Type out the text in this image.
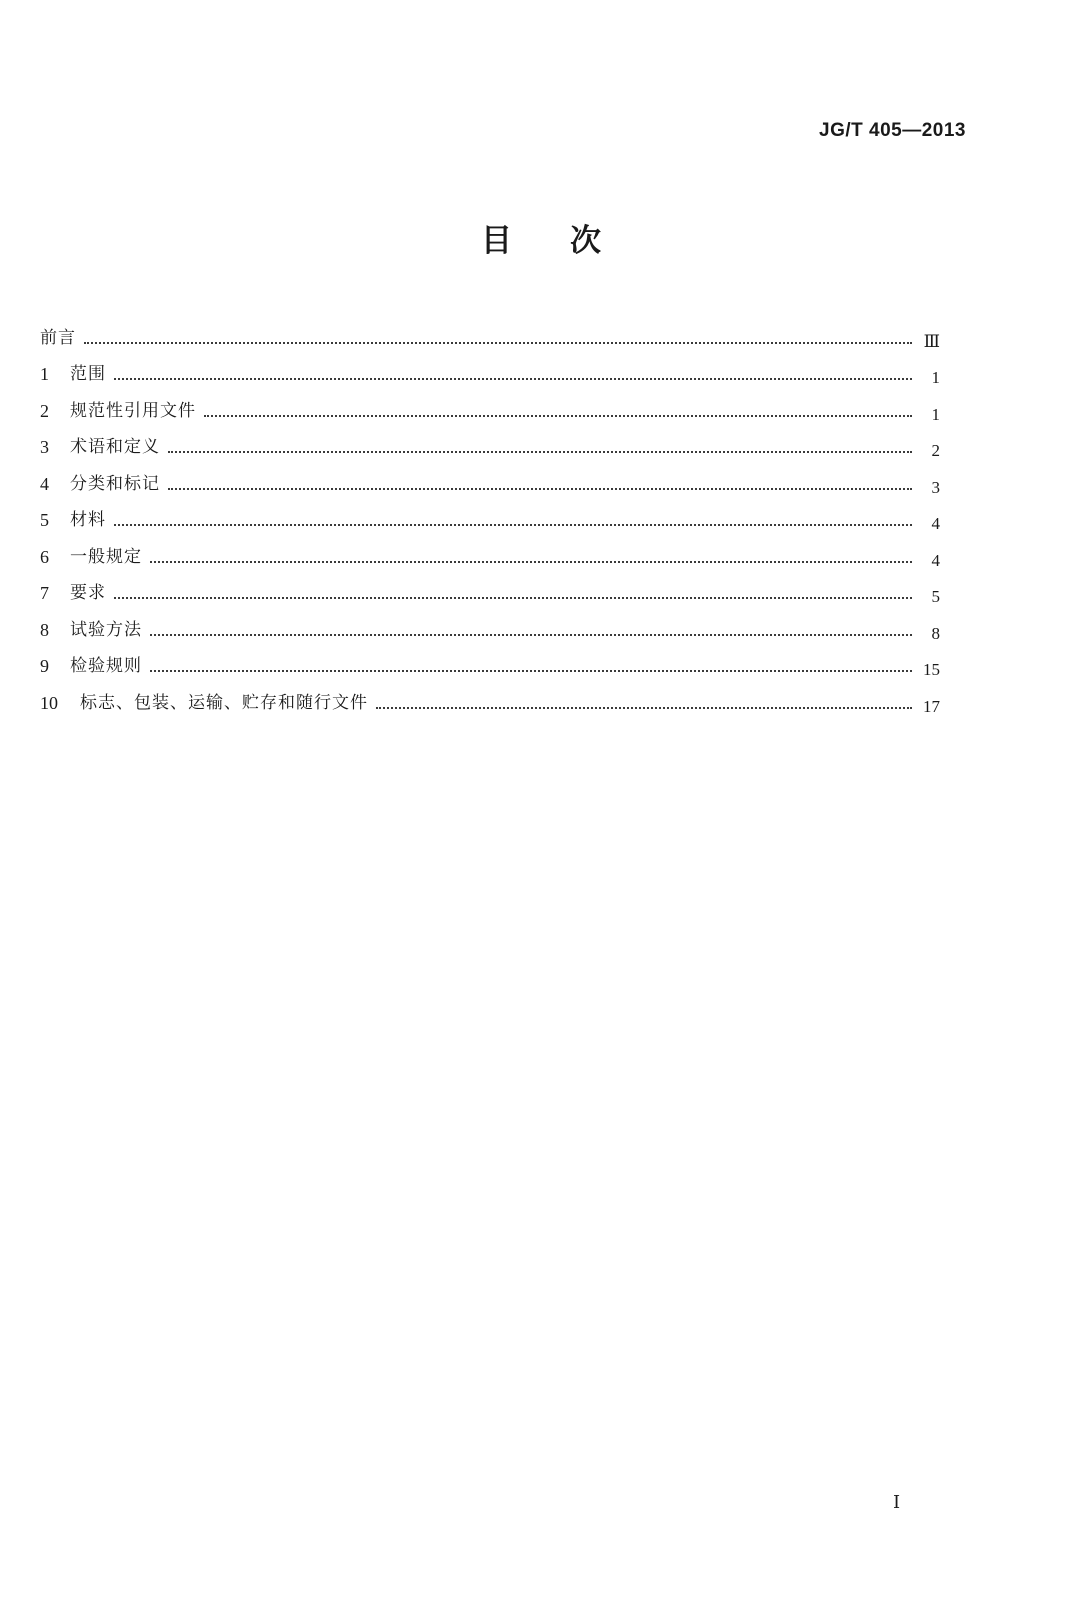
JG/T 405—2013
目次
前言	Ⅲ
1	范围	1
2	规范性引用文件	1
3	术语和定义	2
4	分类和标记	3
5	材料	4
6	一般规定	4
7	要求	5
8	试验方法	8
9	检验规则	15
10	标志、包装、运输、贮存和随行文件	17
Ⅰ
